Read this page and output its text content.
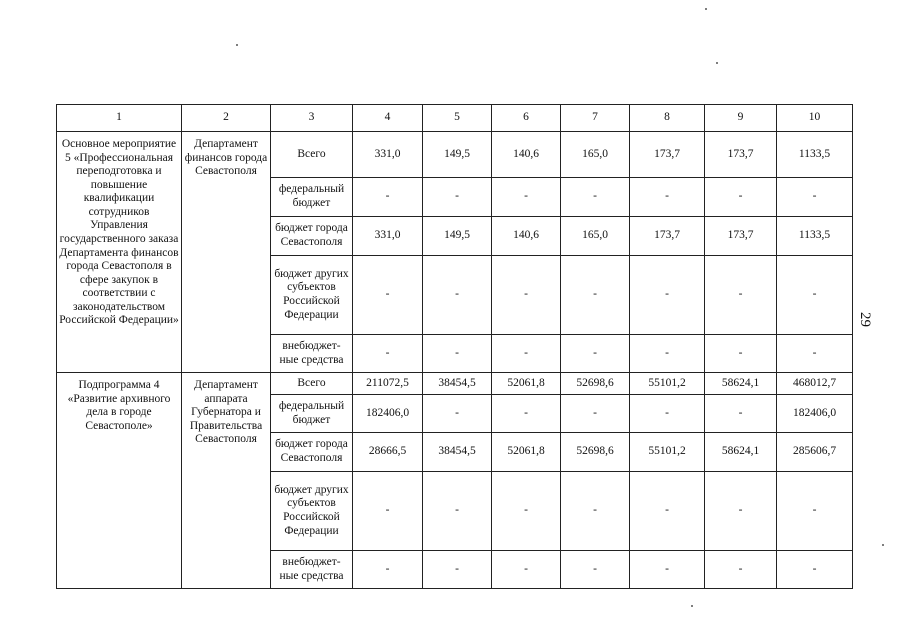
1	2	3	4	5	6	7	8	9	10
Основное мероприятие 5 «Профессиональная переподготовка и повышение квалификации сотрудников Управления государственного заказа Департамента финансов города Севастополя в сфере закупок в соответствии с законодательством Российской Федерации»	Департамент финансов города Севастополя	Всего	331,0	149,5	140,6	165,0	173,7	173,7	1133,5
		федеральный бюджет	-	-	-	-	-	-	-
		бюджет города Севастополя	331,0	149,5	140,6	165,0	173,7	173,7	1133,5
		бюджет других субъектов Российской Федерации	-	-	-	-	-	-	-
		внебюджет-ные средства	-	-	-	-	-	-	-
Подпрограмма 4 «Развитие архивного дела в городе Севастополе»	Департамент аппарата Губернатора и Правительства Севастополя	Всего	211072,5	38454,5	52061,8	52698,6	55101,2	58624,1	468012,7
		федеральный бюджет	182406,0	-	-	-	-	-	182406,0
		бюджет города Севастополя	28666,5	38454,5	52061,8	52698,6	55101,2	58624,1	285606,7
		бюджет других субъектов Российской Федерации	-	-	-	-	-	-	-
		внебюджет-ные средства	-	-	-	-	-	-	-
29
